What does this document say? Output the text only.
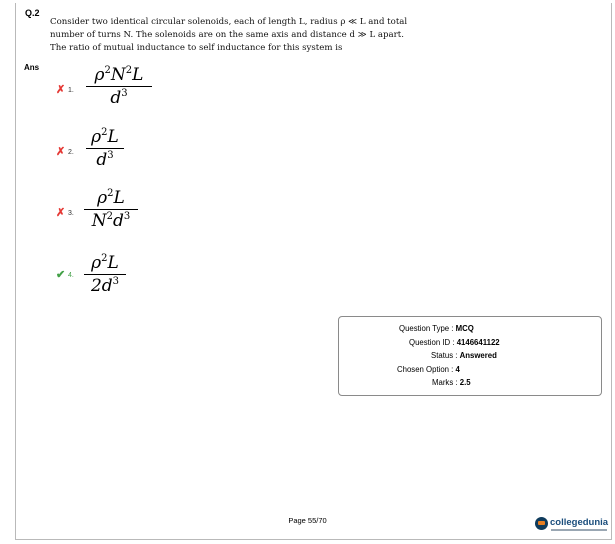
Q.2
Consider two identical circular solenoids, each of length L, radius ρ ≪ L and total
number of turns N. The solenoids are on the same axis and distance d ≫ L apart.
The ratio of mutual inductance to self inductance for this system is
Ans
✗ 1.
$\rho^2N^2L$
$d^3$
✗ 2.
$\rho^2L$
$d^3$
✗ 3.
$\rho^2L$
$N^2d^3$
✔ 4.
$\rho^2L$
$2d^3$
Question Type : MCQ
Question ID : 4146641122
Status : Answered
Chosen Option : 4
Marks : 2.5
Page 55/70	collegedunia
